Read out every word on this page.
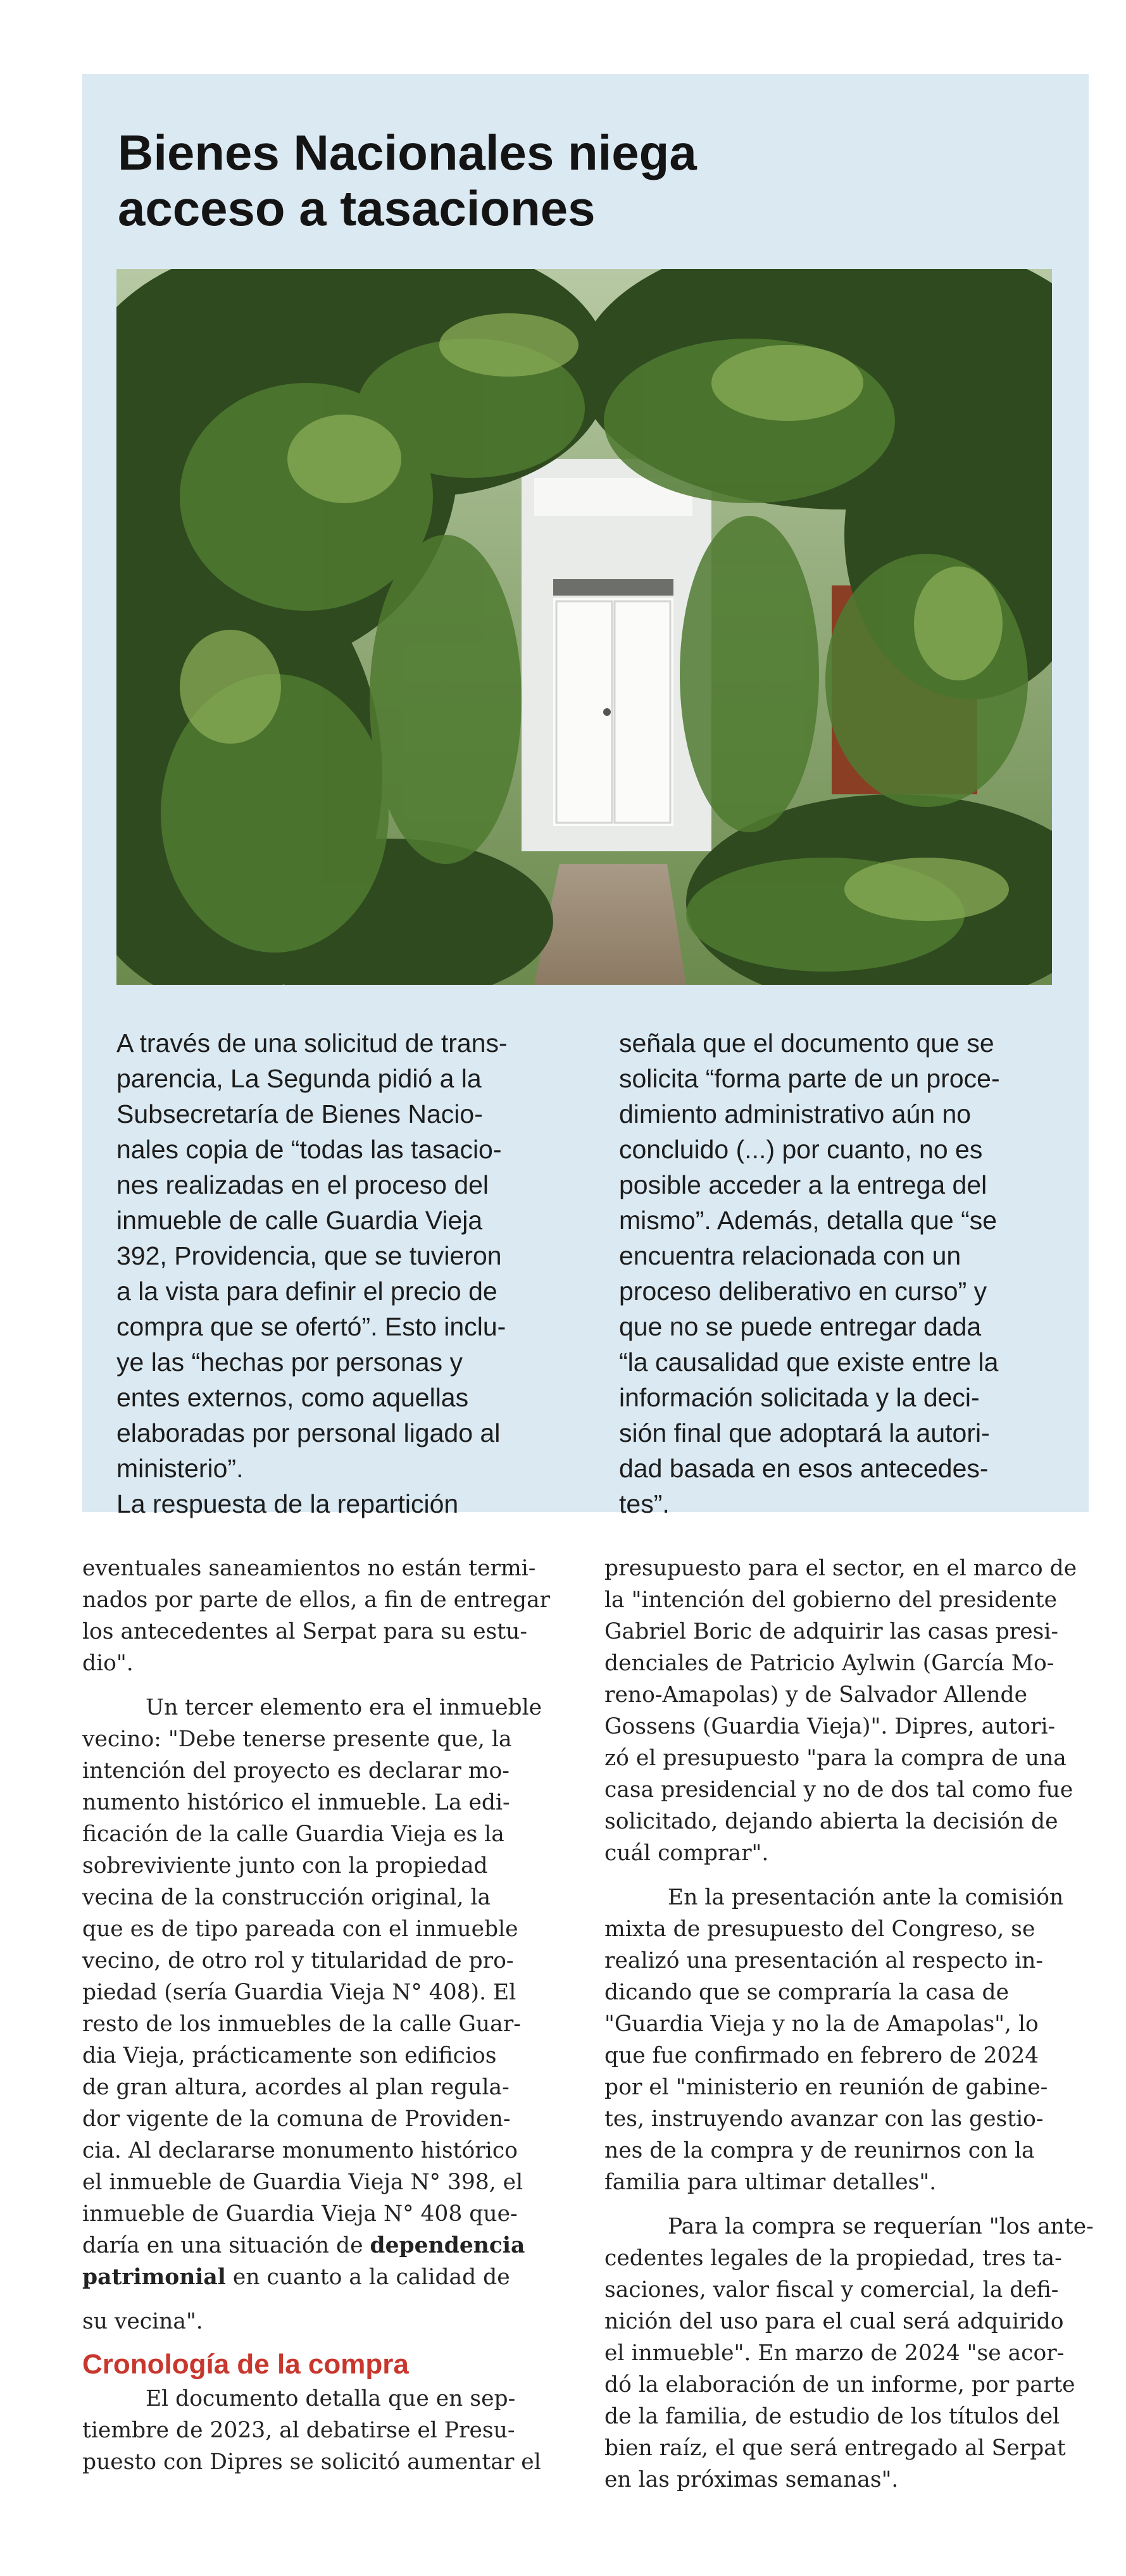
Bienes Nacionales niega
acceso a tasaciones

A través de una solicitud de trans-
parencia, La Segunda pidió a la
Subsecretaría de Bienes Nacio-
nales copia de “todas las tasacio-
nes realizadas en el proceso del
inmueble de calle Guardia Vieja
392, Providencia, que se tuvieron
a la vista para definir el precio de
compra que se ofertó”. Esto inclu-
ye las “hechas por personas y
entes externos, como aquellas
elaboradas por personal ligado al
ministerio”.

La respuesta de la repartición

señala que el documento que se
solicita “forma parte de un proce-
dimiento administrativo aún no
concluido (...) por cuanto, no es
posible acceder a la entrega del
mismo”. Además, detalla que “se
encuentra relacionada con un
proceso deliberativo en curso” y
que no se puede entregar dada
“la causalidad que existe entre la
información solicitada y la deci-
sión final que adoptará la autori-
dad basada en esos antecedes-
tes”.

eventuales saneamientos no están termi-
nados por parte de ellos, a fin de entregar
los antecedentes al Serpat para su estu-
dio".

Un tercer elemento era el inmueble
vecino: "Debe tenerse presente que, la
intención del proyecto es declarar mo-
numento histórico el inmueble. La edi-
ficación de la calle Guardia Vieja es la
sobreviviente junto con la propiedad
vecina de la construcción original, la
que es de tipo pareada con el inmueble
vecino, de otro rol y titularidad de pro-
piedad (sería Guardia Vieja N° 408). El
resto de los inmuebles de la calle Guar-
dia Vieja, prácticamente son edificios
de gran altura, acordes al plan regula-
dor vigente de la comuna de Providen-
cia. Al declararse monumento histórico
el inmueble de Guardia Vieja N° 398, el
inmueble de Guardia Vieja N° 408 que-
daría en una situación de dependencia
patrimonial en cuanto a la calidad de

su vecina".

Cronología de la compra

El documento detalla que en sep-
tiembre de 2023, al debatirse el Presu-
puesto con Dipres se solicitó aumentar el

presupuesto para el sector, en el marco de
la "intención del gobierno del presidente
Gabriel Boric de adquirir las casas presi-
denciales de Patricio Aylwin (García Mo-
reno-Amapolas) y de Salvador Allende
Gossens (Guardia Vieja)". Dipres, autori-
zó el presupuesto "para la compra de una
casa presidencial y no de dos tal como fue
solicitado, dejando abierta la decisión de
cuál comprar".

En la presentación ante la comisión
mixta de presupuesto del Congreso, se
realizó una presentación al respecto in-
dicando que se compraría la casa de
"Guardia Vieja y no la de Amapolas", lo
que fue confirmado en febrero de 2024
por el "ministerio en reunión de gabine-
tes, instruyendo avanzar con las gestio-
nes de la compra y de reunirnos con la
familia para ultimar detalles".

Para la compra se requerían "los ante-
cedentes legales de la propiedad, tres ta-
saciones, valor fiscal y comercial, la defi-
nición del uso para el cual será adquirido
el inmueble". En marzo de 2024 "se acor-
dó la elaboración de un informe, por parte
de la familia, de estudio de los títulos del
bien raíz, el que será entregado al Serpat
en las próximas semanas".
